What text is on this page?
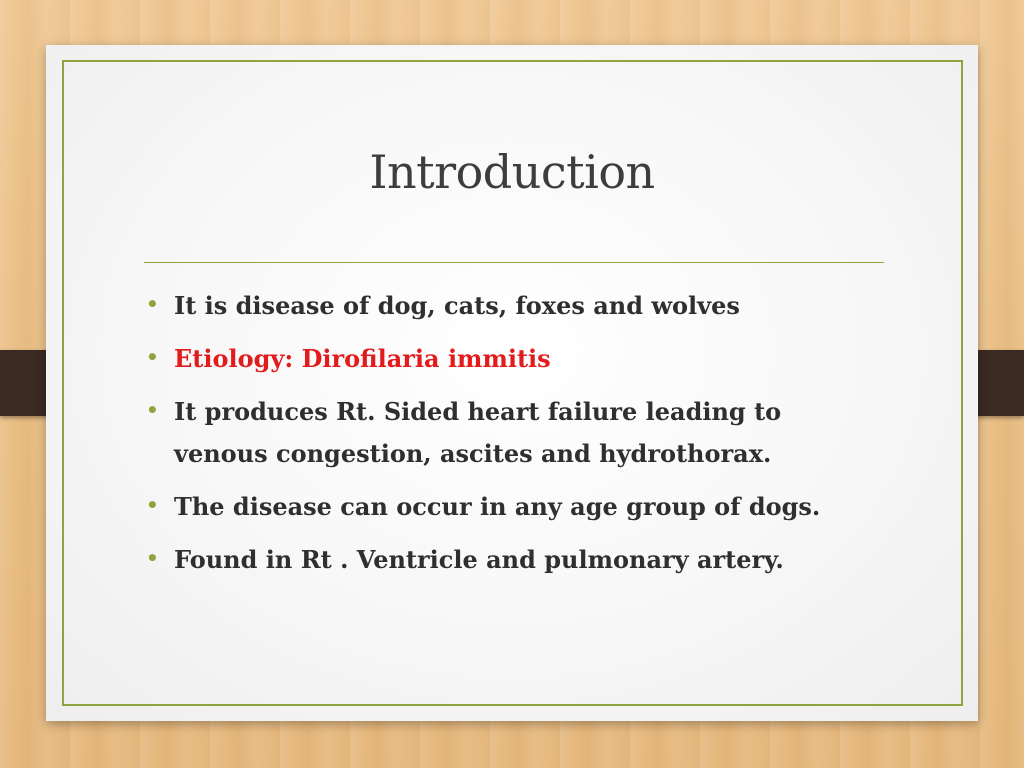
Introduction
• It is disease of dog, cats, foxes and wolves
• Etiology: Dirofilaria immitis
• It produces Rt. Sided heart failure leading to venous congestion, ascites and hydrothorax.
• The disease can occur in any age group of dogs.
• Found in Rt . Ventricle and pulmonary artery.
